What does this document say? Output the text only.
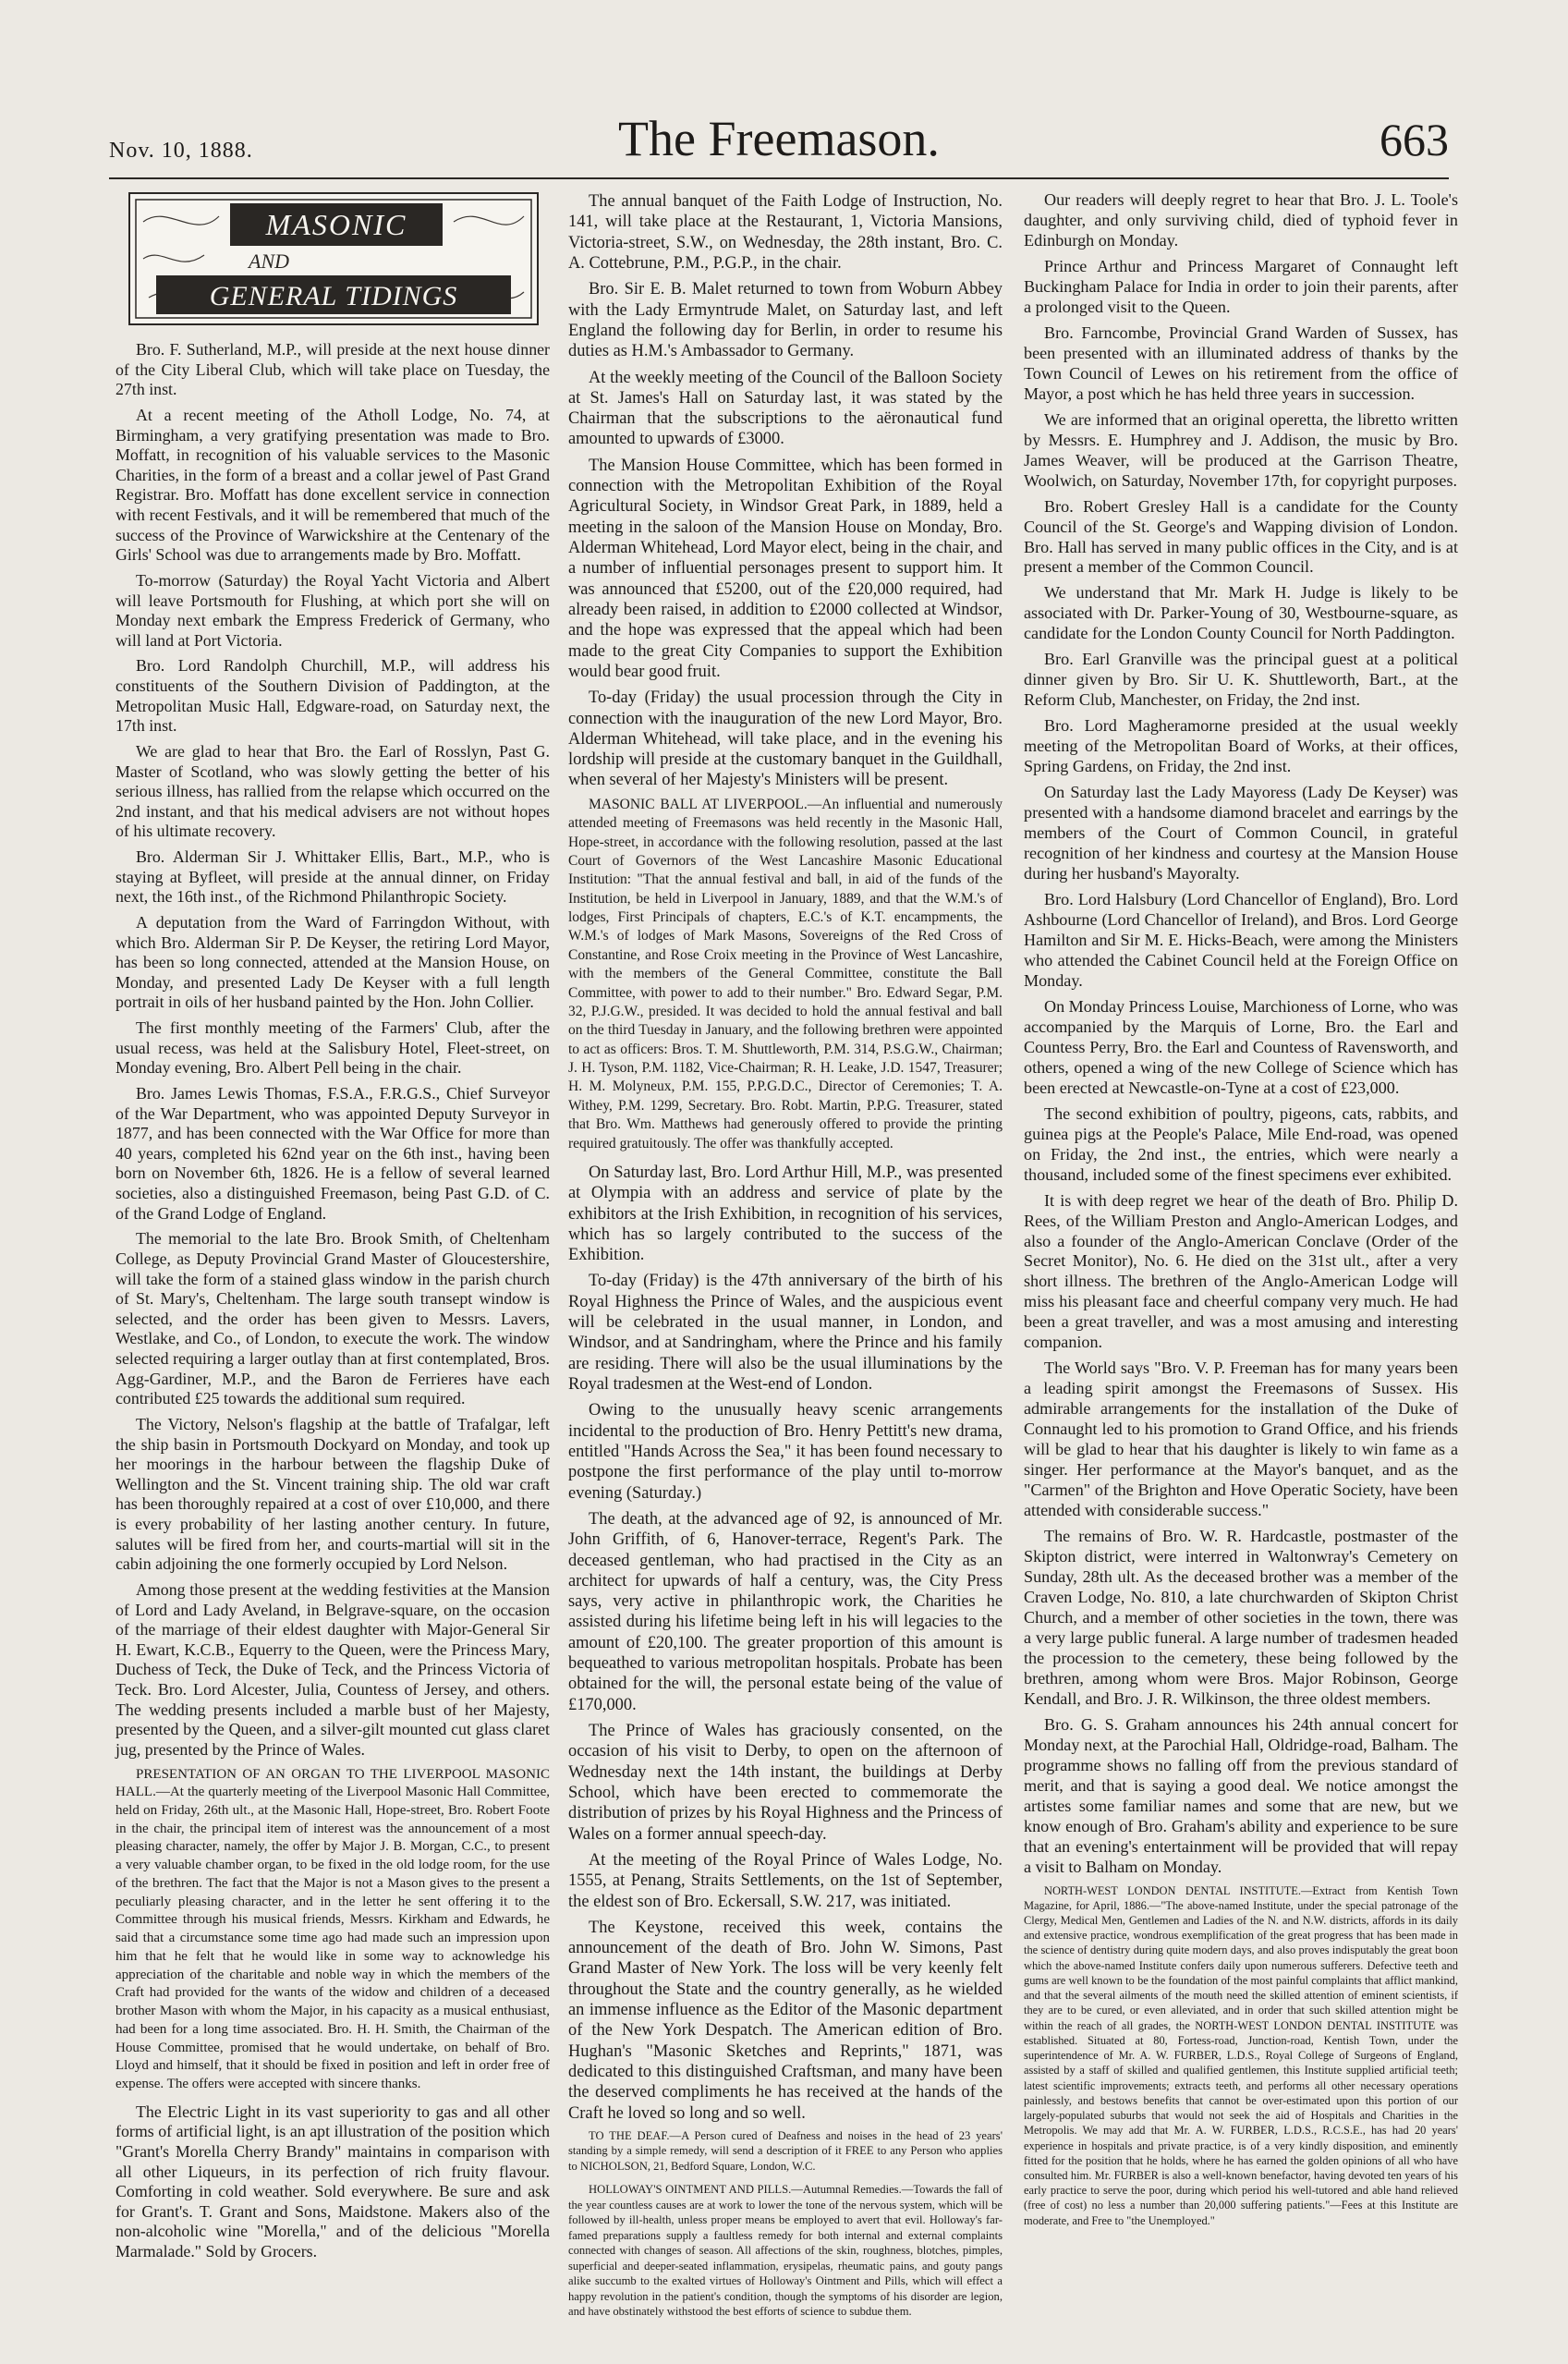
Nov. 10, 1888.	The Freemason.	663
MASONIC
AND
GENERAL TIDINGS

Bro. F. Sutherland, M.P., will preside at the next house dinner of the City Liberal Club, which will take place on Tuesday, the 27th inst.

At a recent meeting of the Atholl Lodge, No. 74, at Birmingham, a very gratifying presentation was made to Bro. Moffatt, in recognition of his valuable services to the Masonic Charities, in the form of a breast and a collar jewel of Past Grand Registrar. Bro. Moffatt has done excellent service in connection with recent Festivals, and it will be remembered that much of the success of the Province of Warwickshire at the Centenary of the Girls' School was due to arrangements made by Bro. Moffatt.

To-morrow (Saturday) the Royal Yacht Victoria and Albert will leave Portsmouth for Flushing, at which port she will on Monday next embark the Empress Frederick of Germany, who will land at Port Victoria.

Bro. Lord Randolph Churchill, M.P., will address his constituents of the Southern Division of Paddington, at the Metropolitan Music Hall, Edgware-road, on Saturday next, the 17th inst.

We are glad to hear that Bro. the Earl of Rosslyn, Past G. Master of Scotland, who was slowly getting the better of his serious illness, has rallied from the relapse which occurred on the 2nd instant, and that his medical advisers are not without hopes of his ultimate recovery.

Bro. Alderman Sir J. Whittaker Ellis, Bart., M.P., who is staying at Byfleet, will preside at the annual dinner, on Friday next, the 16th inst., of the Richmond Philanthropic Society.

A deputation from the Ward of Farringdon Without, with which Bro. Alderman Sir P. De Keyser, the retiring Lord Mayor, has been so long connected, attended at the Mansion House, on Monday, and presented Lady De Keyser with a full length portrait in oils of her husband painted by the Hon. John Collier.

The first monthly meeting of the Farmers' Club, after the usual recess, was held at the Salisbury Hotel, Fleet-street, on Monday evening, Bro. Albert Pell being in the chair.

Bro. James Lewis Thomas, F.S.A., F.R.G.S., Chief Surveyor of the War Department, who was appointed Deputy Surveyor in 1877, and has been connected with the War Office for more than 40 years, completed his 62nd year on the 6th inst., having been born on November 6th, 1826. He is a fellow of several learned societies, also a distinguished Freemason, being Past G.D. of C. of the Grand Lodge of England.

The memorial to the late Bro. Brook Smith, of Cheltenham College, as Deputy Provincial Grand Master of Gloucestershire, will take the form of a stained glass window in the parish church of St. Mary's, Cheltenham. The large south transept window is selected, and the order has been given to Messrs. Lavers, Westlake, and Co., of London, to execute the work. The window selected requiring a larger outlay than at first contemplated, Bros. Agg-Gardiner, M.P., and the Baron de Ferrieres have each contributed £25 towards the additional sum required.

The Victory, Nelson's flagship at the battle of Trafalgar, left the ship basin in Portsmouth Dockyard on Monday, and took up her moorings in the harbour between the flagship Duke of Wellington and the St. Vincent training ship. The old war craft has been thoroughly repaired at a cost of over £10,000, and there is every probability of her lasting another century. In future, salutes will be fired from her, and courts-martial will sit in the cabin adjoining the one formerly occupied by Lord Nelson.

Among those present at the wedding festivities at the Mansion of Lord and Lady Aveland, in Belgrave-square, on the occasion of the marriage of their eldest daughter with Major-General Sir H. Ewart, K.C.B., Equerry to the Queen, were the Princess Mary, Duchess of Teck, the Duke of Teck, and the Princess Victoria of Teck. Bro. Lord Alcester, Julia, Countess of Jersey, and others. The wedding presents included a marble bust of her Majesty, presented by the Queen, and a silver-gilt mounted cut glass claret jug, presented by the Prince of Wales.

PRESENTATION OF AN ORGAN TO THE LIVERPOOL MASONIC HALL.—At the quarterly meeting of the Liverpool Masonic Hall Committee, held on Friday, 26th ult., at the Masonic Hall, Hope-street, Bro. Robert Foote in the chair, the principal item of interest was the announcement of a most pleasing character, namely, the offer by Major J. B. Morgan, C.C., to present a very valuable chamber organ, to be fixed in the old lodge room, for the use of the brethren. The fact that the Major is not a Mason gives to the present a peculiarly pleasing character, and in the letter he sent offering it to the Committee through his musical friends, Messrs. Kirkham and Edwards, he said that a circumstance some time ago had made such an impression upon him that he felt that he would like in some way to acknowledge his appreciation of the charitable and noble way in which the members of the Craft had provided for the wants of the widow and children of a deceased brother Mason with whom the Major, in his capacity as a musical enthusiast, had been for a long time associated. Bro. H. H. Smith, the Chairman of the House Committee, promised that he would undertake, on behalf of Bro. Lloyd and himself, that it should be fixed in position and left in order free of expense. The offers were accepted with sincere thanks.

The Electric Light in its vast superiority to gas and all other forms of artificial light, is an apt illustration of the position which "Grant's Morella Cherry Brandy" maintains in comparison with all other Liqueurs, in its perfection of rich fruity flavour. Comforting in cold weather. Sold everywhere. Be sure and ask for Grant's. T. Grant and Sons, Maidstone. Makers also of the non-alcoholic wine "Morella," and of the delicious "Morella Marmalade." Sold by Grocers.

The annual banquet of the Faith Lodge of Instruction, No. 141, will take place at the Restaurant, 1, Victoria Mansions, Victoria-street, S.W., on Wednesday, the 28th instant, Bro. C. A. Cottebrune, P.M., P.G.P., in the chair.

Bro. Sir E. B. Malet returned to town from Woburn Abbey with the Lady Ermyntrude Malet, on Saturday last, and left England the following day for Berlin, in order to resume his duties as H.M.'s Ambassador to Germany.

At the weekly meeting of the Council of the Balloon Society at St. James's Hall on Saturday last, it was stated by the Chairman that the subscriptions to the aëronautical fund amounted to upwards of £3000.

The Mansion House Committee, which has been formed in connection with the Metropolitan Exhibition of the Royal Agricultural Society, in Windsor Great Park, in 1889, held a meeting in the saloon of the Mansion House on Monday, Bro. Alderman Whitehead, Lord Mayor elect, being in the chair, and a number of influential personages present to support him. It was announced that £5200, out of the £20,000 required, had already been raised, in addition to £2000 collected at Windsor, and the hope was expressed that the appeal which had been made to the great City Companies to support the Exhibition would bear good fruit.

To-day (Friday) the usual procession through the City in connection with the inauguration of the new Lord Mayor, Bro. Alderman Whitehead, will take place, and in the evening his lordship will preside at the customary banquet in the Guildhall, when several of her Majesty's Ministers will be present.

MASONIC BALL AT LIVERPOOL.—An influential and numerously attended meeting of Freemasons was held recently in the Masonic Hall, Hope-street, in accordance with the following resolution, passed at the last Court of Governors of the West Lancashire Masonic Educational Institution: "That the annual festival and ball, in aid of the funds of the Institution, be held in Liverpool in January, 1889, and that the W.M.'s of lodges, First Principals of chapters, E.C.'s of K.T. encampments, the W.M.'s of lodges of Mark Masons, Sovereigns of the Red Cross of Constantine, and Rose Croix meeting in the Province of West Lancashire, with the members of the General Committee, constitute the Ball Committee, with power to add to their number." Bro. Edward Segar, P.M. 32, P.J.G.W., presided. It was decided to hold the annual festival and ball on the third Tuesday in January, and the following brethren were appointed to act as officers: Bros. T. M. Shuttleworth, P.M. 314, P.S.G.W., Chairman; J. H. Tyson, P.M. 1182, Vice-Chairman; R. H. Leake, J.D. 1547, Treasurer; H. M. Molyneux, P.M. 155, P.P.G.D.C., Director of Ceremonies; T. A. Withey, P.M. 1299, Secretary. Bro. Robt. Martin, P.P.G. Treasurer, stated that Bro. Wm. Matthews had generously offered to provide the printing required gratuitously. The offer was thankfully accepted.

On Saturday last, Bro. Lord Arthur Hill, M.P., was presented at Olympia with an address and service of plate by the exhibitors at the Irish Exhibition, in recognition of his services, which has so largely contributed to the success of the Exhibition.

To-day (Friday) is the 47th anniversary of the birth of his Royal Highness the Prince of Wales, and the auspicious event will be celebrated in the usual manner, in London, and Windsor, and at Sandringham, where the Prince and his family are residing. There will also be the usual illuminations by the Royal tradesmen at the West-end of London.

Owing to the unusually heavy scenic arrangements incidental to the production of Bro. Henry Pettitt's new drama, entitled "Hands Across the Sea," it has been found necessary to postpone the first performance of the play until to-morrow evening (Saturday.)

The death, at the advanced age of 92, is announced of Mr. John Griffith, of 6, Hanover-terrace, Regent's Park. The deceased gentleman, who had practised in the City as an architect for upwards of half a century, was, the City Press says, very active in philanthropic work, the Charities he assisted during his lifetime being left in his will legacies to the amount of £20,100. The greater proportion of this amount is bequeathed to various metropolitan hospitals. Probate has been obtained for the will, the personal estate being of the value of £170,000.

The Prince of Wales has graciously consented, on the occasion of his visit to Derby, to open on the afternoon of Wednesday next the 14th instant, the buildings at Derby School, which have been erected to commemorate the distribution of prizes by his Royal Highness and the Princess of Wales on a former annual speech-day.

At the meeting of the Royal Prince of Wales Lodge, No. 1555, at Penang, Straits Settlements, on the 1st of September, the eldest son of Bro. Eckersall, S.W. 217, was initiated.

The Keystone, received this week, contains the announcement of the death of Bro. John W. Simons, Past Grand Master of New York. The loss will be very keenly felt throughout the State and the country generally, as he wielded an immense influence as the Editor of the Masonic department of the New York Despatch. The American edition of Bro. Hughan's "Masonic Sketches and Reprints," 1871, was dedicated to this distinguished Craftsman, and many have been the deserved compliments he has received at the hands of the Craft he loved so long and so well.

TO THE DEAF.—A Person cured of Deafness and noises in the head of 23 years' standing by a simple remedy, will send a description of it FREE to any Person who applies to NICHOLSON, 21, Bedford Square, London, W.C.

HOLLOWAY'S OINTMENT AND PILLS.—Autumnal Remedies.—Towards the fall of the year countless causes are at work to lower the tone of the nervous system, which will be followed by ill-health, unless proper means be employed to avert that evil. Holloway's far-famed preparations supply a faultless remedy for both internal and external complaints connected with changes of season. All affections of the skin, roughness, blotches, pimples, superficial and deeper-seated inflammation, erysipelas, rheumatic pains, and gouty pangs alike succumb to the exalted virtues of Holloway's Ointment and Pills, which will effect a happy revolution in the patient's condition, though the symptoms of his disorder are legion, and have obstinately withstood the best efforts of science to subdue them.

Our readers will deeply regret to hear that Bro. J. L. Toole's daughter, and only surviving child, died of typhoid fever in Edinburgh on Monday.

Prince Arthur and Princess Margaret of Connaught left Buckingham Palace for India in order to join their parents, after a prolonged visit to the Queen.

Bro. Farncombe, Provincial Grand Warden of Sussex, has been presented with an illuminated address of thanks by the Town Council of Lewes on his retirement from the office of Mayor, a post which he has held three years in succession.

We are informed that an original operetta, the libretto written by Messrs. E. Humphrey and J. Addison, the music by Bro. James Weaver, will be produced at the Garrison Theatre, Woolwich, on Saturday, November 17th, for copyright purposes.

Bro. Robert Gresley Hall is a candidate for the County Council of the St. George's and Wapping division of London. Bro. Hall has served in many public offices in the City, and is at present a member of the Common Council.

We understand that Mr. Mark H. Judge is likely to be associated with Dr. Parker-Young of 30, Westbourne-square, as candidate for the London County Council for North Paddington.

Bro. Earl Granville was the principal guest at a political dinner given by Bro. Sir U. K. Shuttleworth, Bart., at the Reform Club, Manchester, on Friday, the 2nd inst.

Bro. Lord Magheramorne presided at the usual weekly meeting of the Metropolitan Board of Works, at their offices, Spring Gardens, on Friday, the 2nd inst.

On Saturday last the Lady Mayoress (Lady De Keyser) was presented with a handsome diamond bracelet and earrings by the members of the Court of Common Council, in grateful recognition of her kindness and courtesy at the Mansion House during her husband's Mayoralty.

Bro. Lord Halsbury (Lord Chancellor of England), Bro. Lord Ashbourne (Lord Chancellor of Ireland), and Bros. Lord George Hamilton and Sir M. E. Hicks-Beach, were among the Ministers who attended the Cabinet Council held at the Foreign Office on Monday.

On Monday Princess Louise, Marchioness of Lorne, who was accompanied by the Marquis of Lorne, Bro. the Earl and Countess Perry, Bro. the Earl and Countess of Ravensworth, and others, opened a wing of the new College of Science which has been erected at Newcastle-on-Tyne at a cost of £23,000.

The second exhibition of poultry, pigeons, cats, rabbits, and guinea pigs at the People's Palace, Mile End-road, was opened on Friday, the 2nd inst., the entries, which were nearly a thousand, included some of the finest specimens ever exhibited.

It is with deep regret we hear of the death of Bro. Philip D. Rees, of the William Preston and Anglo-American Lodges, and also a founder of the Anglo-American Conclave (Order of the Secret Monitor), No. 6. He died on the 31st ult., after a very short illness. The brethren of the Anglo-American Lodge will miss his pleasant face and cheerful company very much. He had been a great traveller, and was a most amusing and interesting companion.

The World says "Bro. V. P. Freeman has for many years been a leading spirit amongst the Freemasons of Sussex. His admirable arrangements for the installation of the Duke of Connaught led to his promotion to Grand Office, and his friends will be glad to hear that his daughter is likely to win fame as a singer. Her performance at the Mayor's banquet, and as the "Carmen" of the Brighton and Hove Operatic Society, have been attended with considerable success."

The remains of Bro. W. R. Hardcastle, postmaster of the Skipton district, were interred in Waltonwray's Cemetery on Sunday, 28th ult. As the deceased brother was a member of the Craven Lodge, No. 810, a late churchwarden of Skipton Christ Church, and a member of other societies in the town, there was a very large public funeral. A large number of tradesmen headed the procession to the cemetery, these being followed by the brethren, among whom were Bros. Major Robinson, George Kendall, and Bro. J. R. Wilkinson, the three oldest members.

Bro. G. S. Graham announces his 24th annual concert for Monday next, at the Parochial Hall, Oldridge-road, Balham. The programme shows no falling off from the previous standard of merit, and that is saying a good deal. We notice amongst the artistes some familiar names and some that are new, but we know enough of Bro. Graham's ability and experience to be sure that an evening's entertainment will be provided that will repay a visit to Balham on Monday.

NORTH-WEST LONDON DENTAL INSTITUTE.—Extract from Kentish Town Magazine, for April, 1886.—"The above-named Institute, under the special patronage of the Clergy, Medical Men, Gentlemen and Ladies of the N. and N.W. districts, affords in its daily and extensive practice, wondrous exemplification of the great progress that has been made in the science of dentistry during quite modern days, and also proves indisputably the great boon which the above-named Institute confers daily upon numerous sufferers. Defective teeth and gums are well known to be the foundation of the most painful complaints that afflict mankind, and that the several ailments of the mouth need the skilled attention of eminent scientists, if they are to be cured, or even alleviated, and in order that such skilled attention might be within the reach of all grades, the NORTH-WEST LONDON DENTAL INSTITUTE was established. Situated at 80, Fortess-road, Junction-road, Kentish Town, under the superintendence of Mr. A. W. FURBER, L.D.S., Royal College of Surgeons of England, assisted by a staff of skilled and qualified gentlemen, this Institute supplied artificial teeth; latest scientific improvements; extracts teeth, and performs all other necessary operations painlessly, and bestows benefits that cannot be over-estimated upon this portion of our largely-populated suburbs that would not seek the aid of Hospitals and Charities in the Metropolis. We may add that Mr. A. W. FURBER, L.D.S., R.C.S.E., has had 20 years' experience in hospitals and private practice, is of a very kindly disposition, and eminently fitted for the position that he holds, where he has earned the golden opinions of all who have consulted him. Mr. FURBER is also a well-known benefactor, having devoted ten years of his early practice to serve the poor, during which period his well-tutored and able hand relieved (free of cost) no less a number than 20,000 suffering patients."—Fees at this Institute are moderate, and Free to "the Unemployed."
